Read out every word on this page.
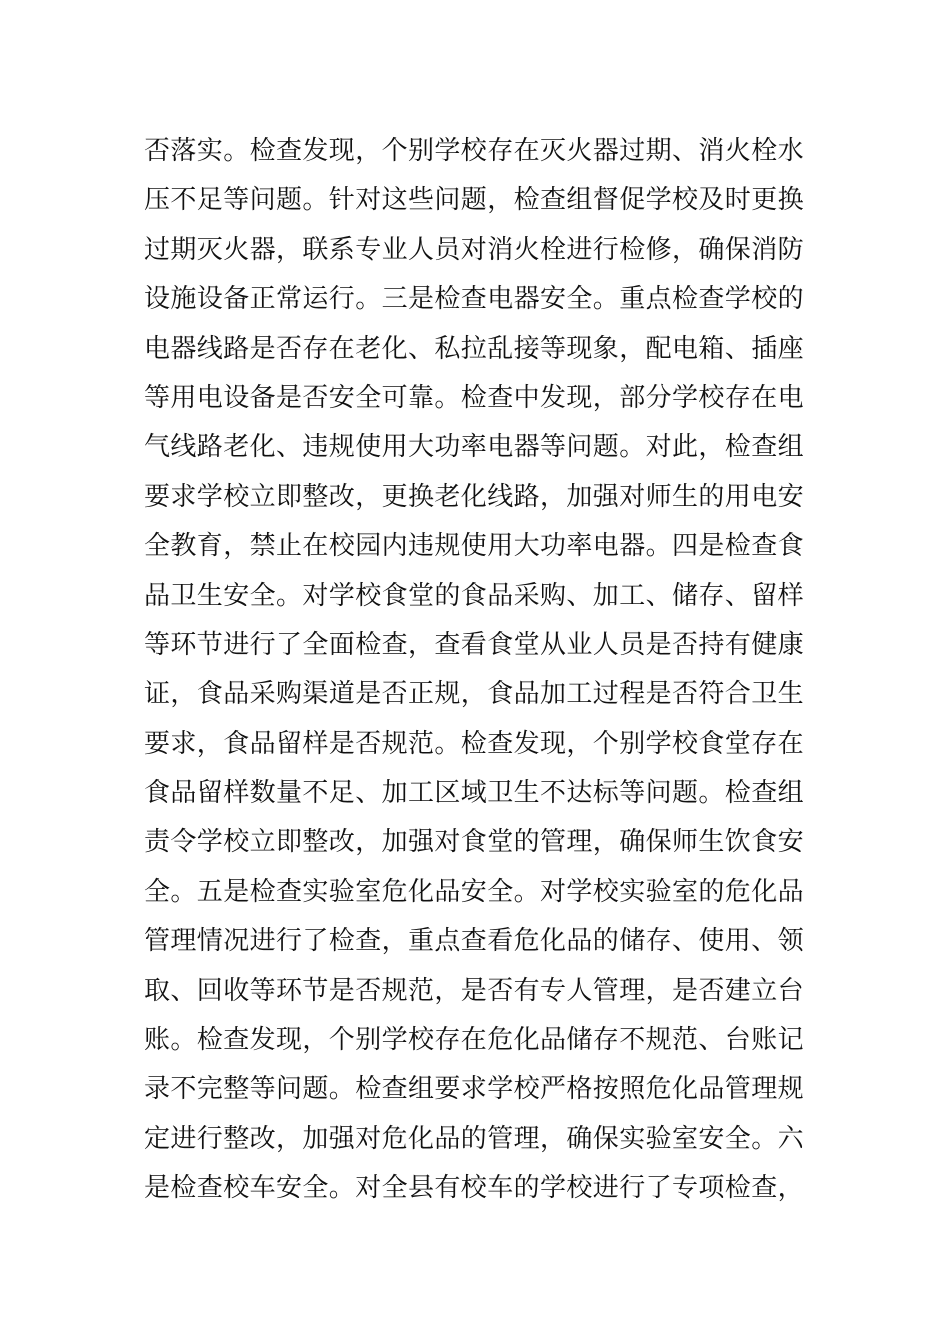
否落实。检查发现，个别学校存在灭火器过期、消火栓水
压不足等问题。针对这些问题，检查组督促学校及时更换
过期灭火器，联系专业人员对消火栓进行检修，确保消防
设施设备正常运行。三是检查电器安全。重点检查学校的
电器线路是否存在老化、私拉乱接等现象，配电箱、插座
等用电设备是否安全可靠。检查中发现，部分学校存在电
气线路老化、违规使用大功率电器等问题。对此，检查组
要求学校立即整改，更换老化线路，加强对师生的用电安
全教育，禁止在校园内违规使用大功率电器。四是检查食
品卫生安全。对学校食堂的食品采购、加工、储存、留样
等环节进行了全面检查，查看食堂从业人员是否持有健康
证，食品采购渠道是否正规，食品加工过程是否符合卫生
要求，食品留样是否规范。检查发现，个别学校食堂存在
食品留样数量不足、加工区域卫生不达标等问题。检查组
责令学校立即整改，加强对食堂的管理，确保师生饮食安
全。五是检查实验室危化品安全。对学校实验室的危化品
管理情况进行了检查，重点查看危化品的储存、使用、领
取、回收等环节是否规范，是否有专人管理，是否建立台
账。检查发现，个别学校存在危化品储存不规范、台账记
录不完整等问题。检查组要求学校严格按照危化品管理规
定进行整改，加强对危化品的管理，确保实验室安全。六
是检查校车安全。对全县有校车的学校进行了专项检查，
